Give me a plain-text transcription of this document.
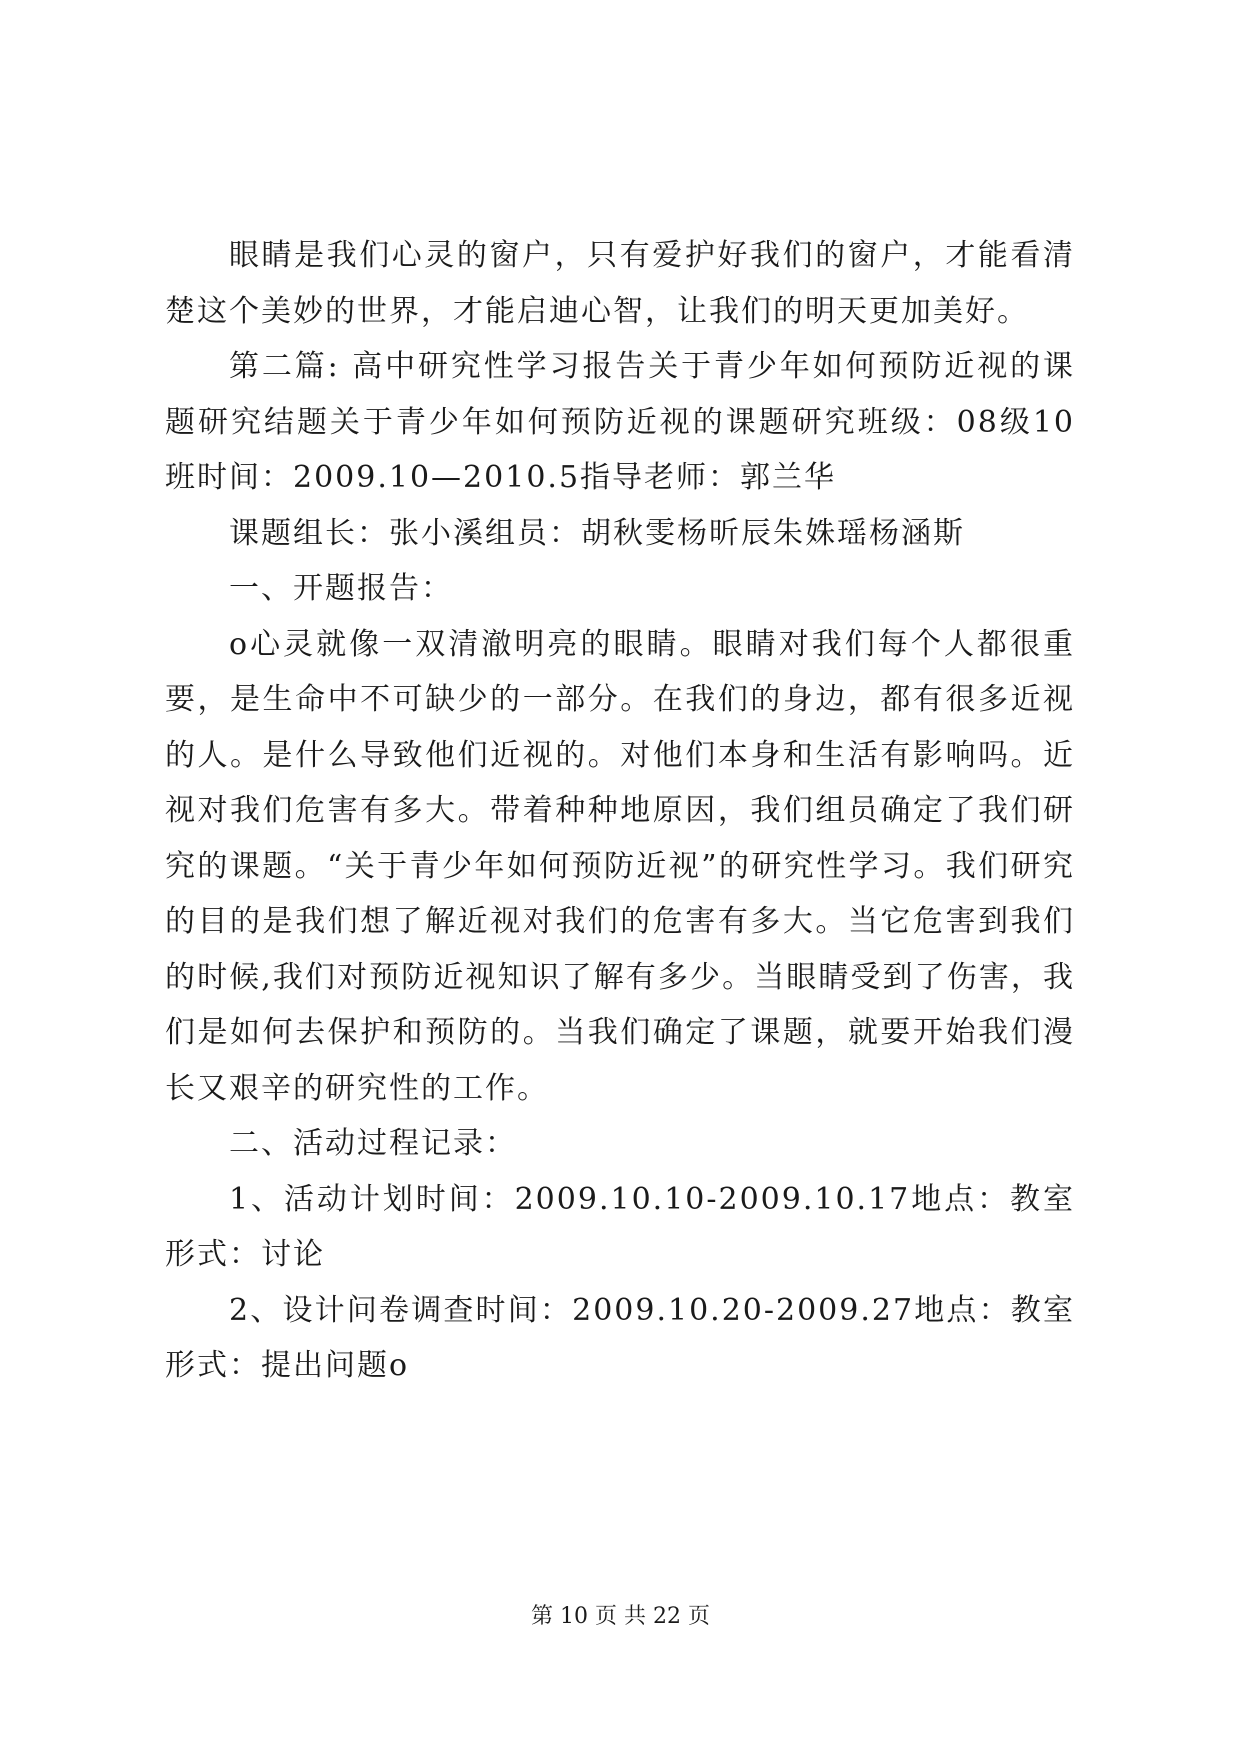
眼睛是我们心灵的窗户，只有爱护好我们的窗户，才能看清楚这个美妙的世界，才能启迪心智，让我们的明天更加美好。

第二篇: 高中研究性学习报告关于青少年如何预防近视的课题研究结题关于青少年如何预防近视的课题研究班级：08级10班时间：2009.10—2010.5指导老师：郭兰华

课题组长：张小溪组员：胡秋雯杨昕辰朱姝瑶杨涵斯

一、开题报告：

o心灵就像一双清澈明亮的眼睛。眼睛对我们每个人都很重要，是生命中不可缺少的一部分。在我们的身边，都有很多近视的人。是什么导致他们近视的。对他们本身和生活有影响吗。近视对我们危害有多大。带着种种地原因，我们组员确定了我们研究的课题。“关于青少年如何预防近视”的研究性学习。我们研究的目的是我们想了解近视对我们的危害有多大。当它危害到我们的时候,我们对预防近视知识了解有多少。当眼睛受到了伤害，我们是如何去保护和预防的。当我们确定了课题，就要开始我们漫长又艰辛的研究性的工作。

二、活动过程记录：

1、活动计划时间：2009.10.10-2009.10.17地点：教室形式：讨论

2、设计问卷调查时间：2009.10.20-2009.27地点：教室形式：提出问题o

第 10 页 共 22 页
